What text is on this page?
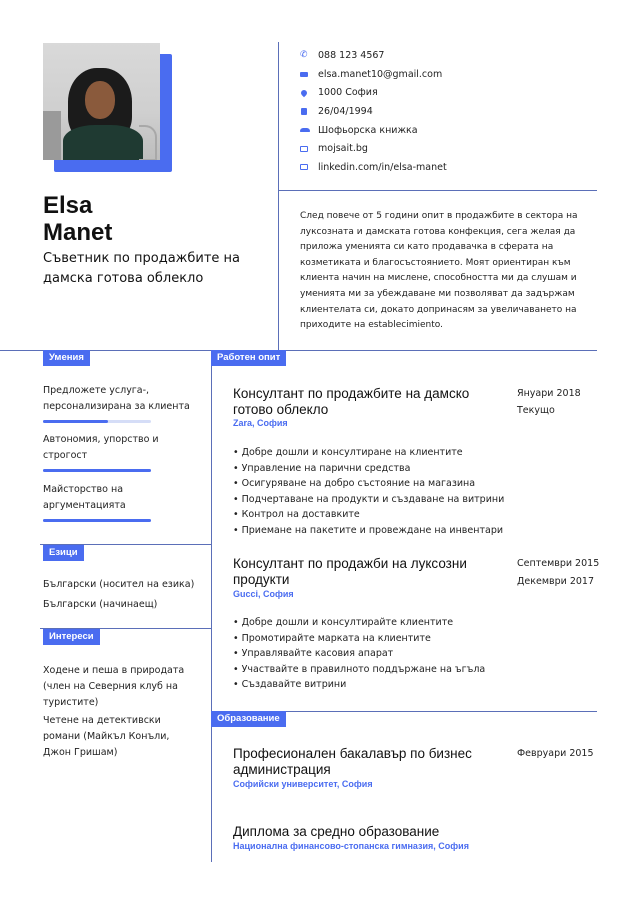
Elsa
Manet
Съветник по продажбите на дамска готова облекло
✆	088 123 4567
elsa.manet10@gmail.com
1000 София
26/04/1994
Шофьорска книжка
mojsait.bg
linkedin.com/in/elsa-manet
След повече от 5 години опит в продажбите в сектора на луксозната и дамската готова конфекция, сега желая да приложа уменията си като продавачка в сферата на козметиката и благосъстоянието. Моят ориентиран към клиента начин на мислене, способността ми да слушам и уменията ми за убеждаване ми позволяват да задържам клиентелата си, докато допринасям за увеличаването на приходите на establecimiento.
Умения
Предложете услуга-, персонализирана за клиента
Автономия, упорство и строгост
Майсторство на аргументацията
Езици
Български (носител на езика)
Български (начинаещ)
Интереси
Ходене и пеша в природата (член на Северния клуб на туристите)
Четене на детективски романи (Майкъл Конъли, Джон Гришам)
Работен опит
Консултант по продажбите на дамско готово облекло
Zara, София
Януари 2018
Текущо
• Добре дошли и консултиране на клиентите
• Управление на парични средства
• Осигуряване на добро състояние на магазина
• Подчертаване на продукти и създаване на витрини
• Контрол на доставките
• Приемане на пакетите и провеждане на инвентари
Консултант по продажби на луксозни продукти
Gucci, София
Септември 2015
Декември 2017
• Добре дошли и консултирайте клиентите
• Промотирайте марката на клиентите
• Управлявайте касовия апарат
• Участвайте в правилното поддържане на ъгъла
• Създавайте витрини
Образование
Професионален бакалавър по бизнес администрация
Софийски университет, София
Февруари 2015
Диплома за средно образование
Национална финансово-стопанска гимназия, София
